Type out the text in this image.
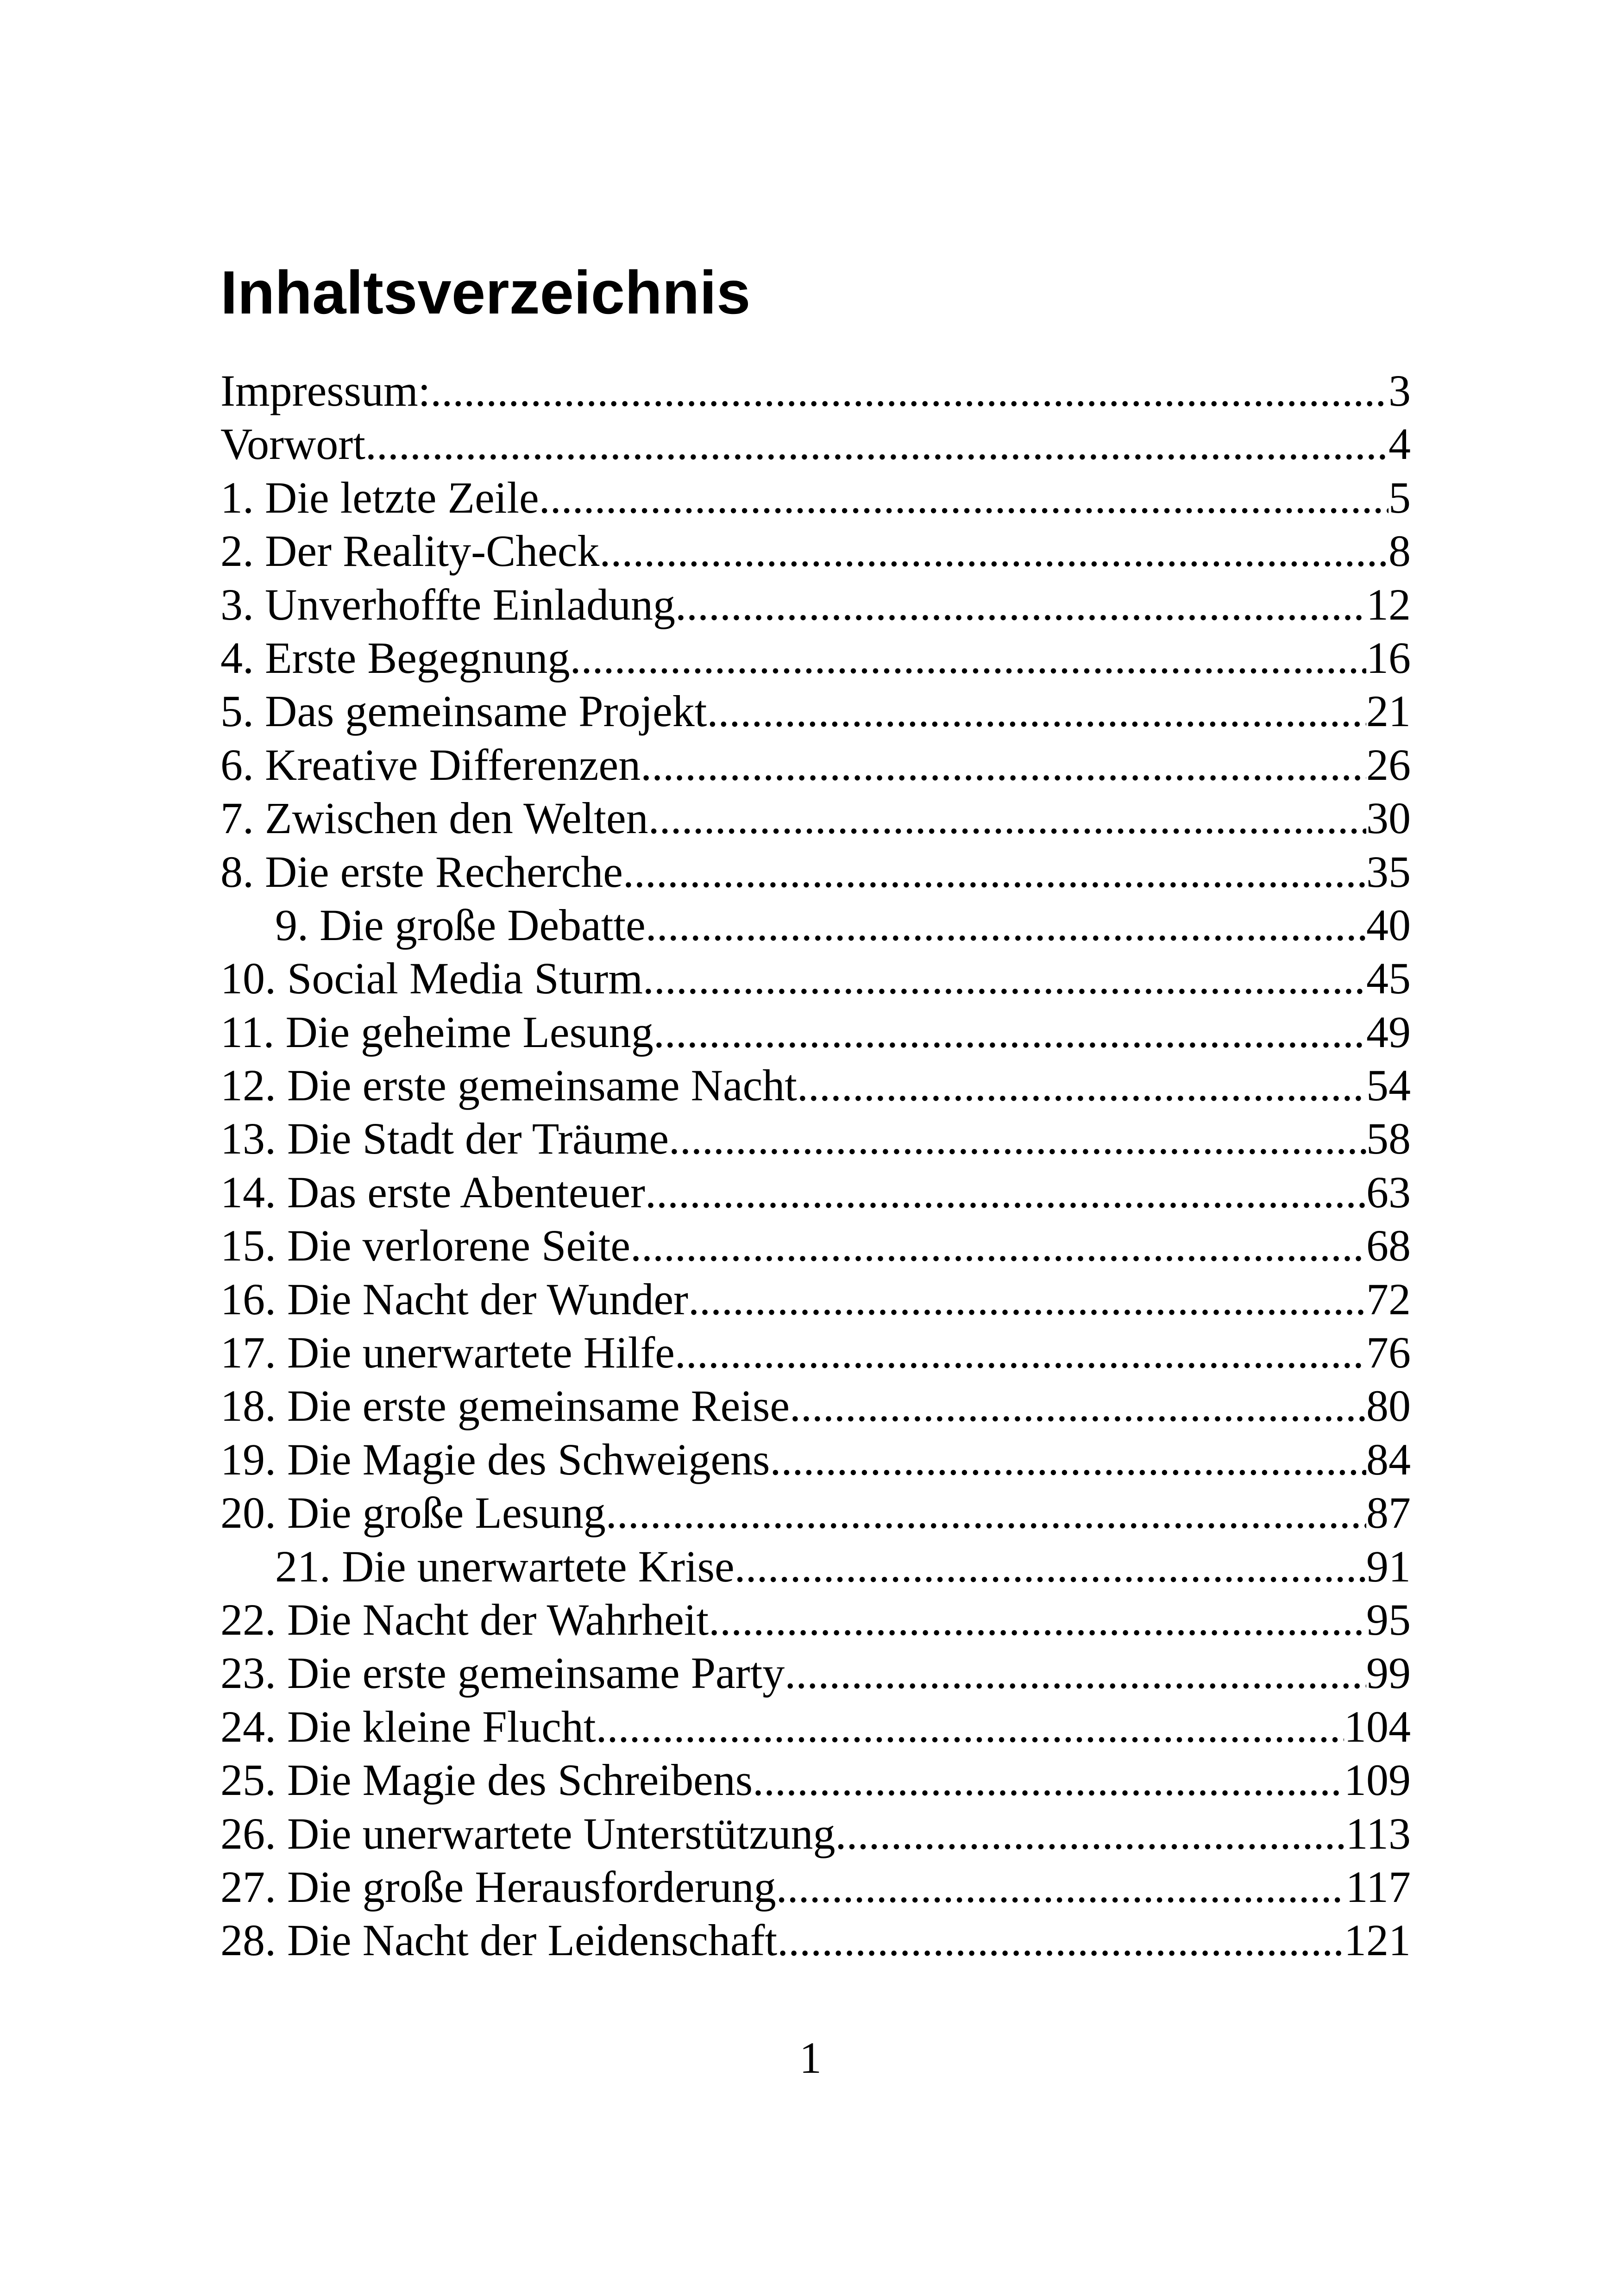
Inhaltsverzeichnis
Impressum: .....	3
Vorwort .....	4
1. Die letzte Zeile .....	5
2. Der Reality-Check .....	8
3. Unverhoffte Einladung .....	12
4. Erste Begegnung .....	16
5. Das gemeinsame Projekt .....	21
6. Kreative Differenzen .....	26
7. Zwischen den Welten .....	30
8. Die erste Recherche .....	35
9. Die große Debatte .....	40
10. Social Media Sturm .....	45
11. Die geheime Lesung .....	49
12. Die erste gemeinsame Nacht .....	54
13. Die Stadt der Träume .....	58
14. Das erste Abenteuer .....	63
15. Die verlorene Seite .....	68
16. Die Nacht der Wunder .....	72
17. Die unerwartete Hilfe .....	76
18. Die erste gemeinsame Reise .....	80
19. Die Magie des Schweigens .....	84
20. Die große Lesung .....	87
21. Die unerwartete Krise .....	91
22. Die Nacht der Wahrheit .....	95
23. Die erste gemeinsame Party .....	99
24. Die kleine Flucht .....	104
25. Die Magie des Schreibens .....	109
26. Die unerwartete Unterstützung .....	113
27. Die große Herausforderung .....	117
28. Die Nacht der Leidenschaft .....	121
1
